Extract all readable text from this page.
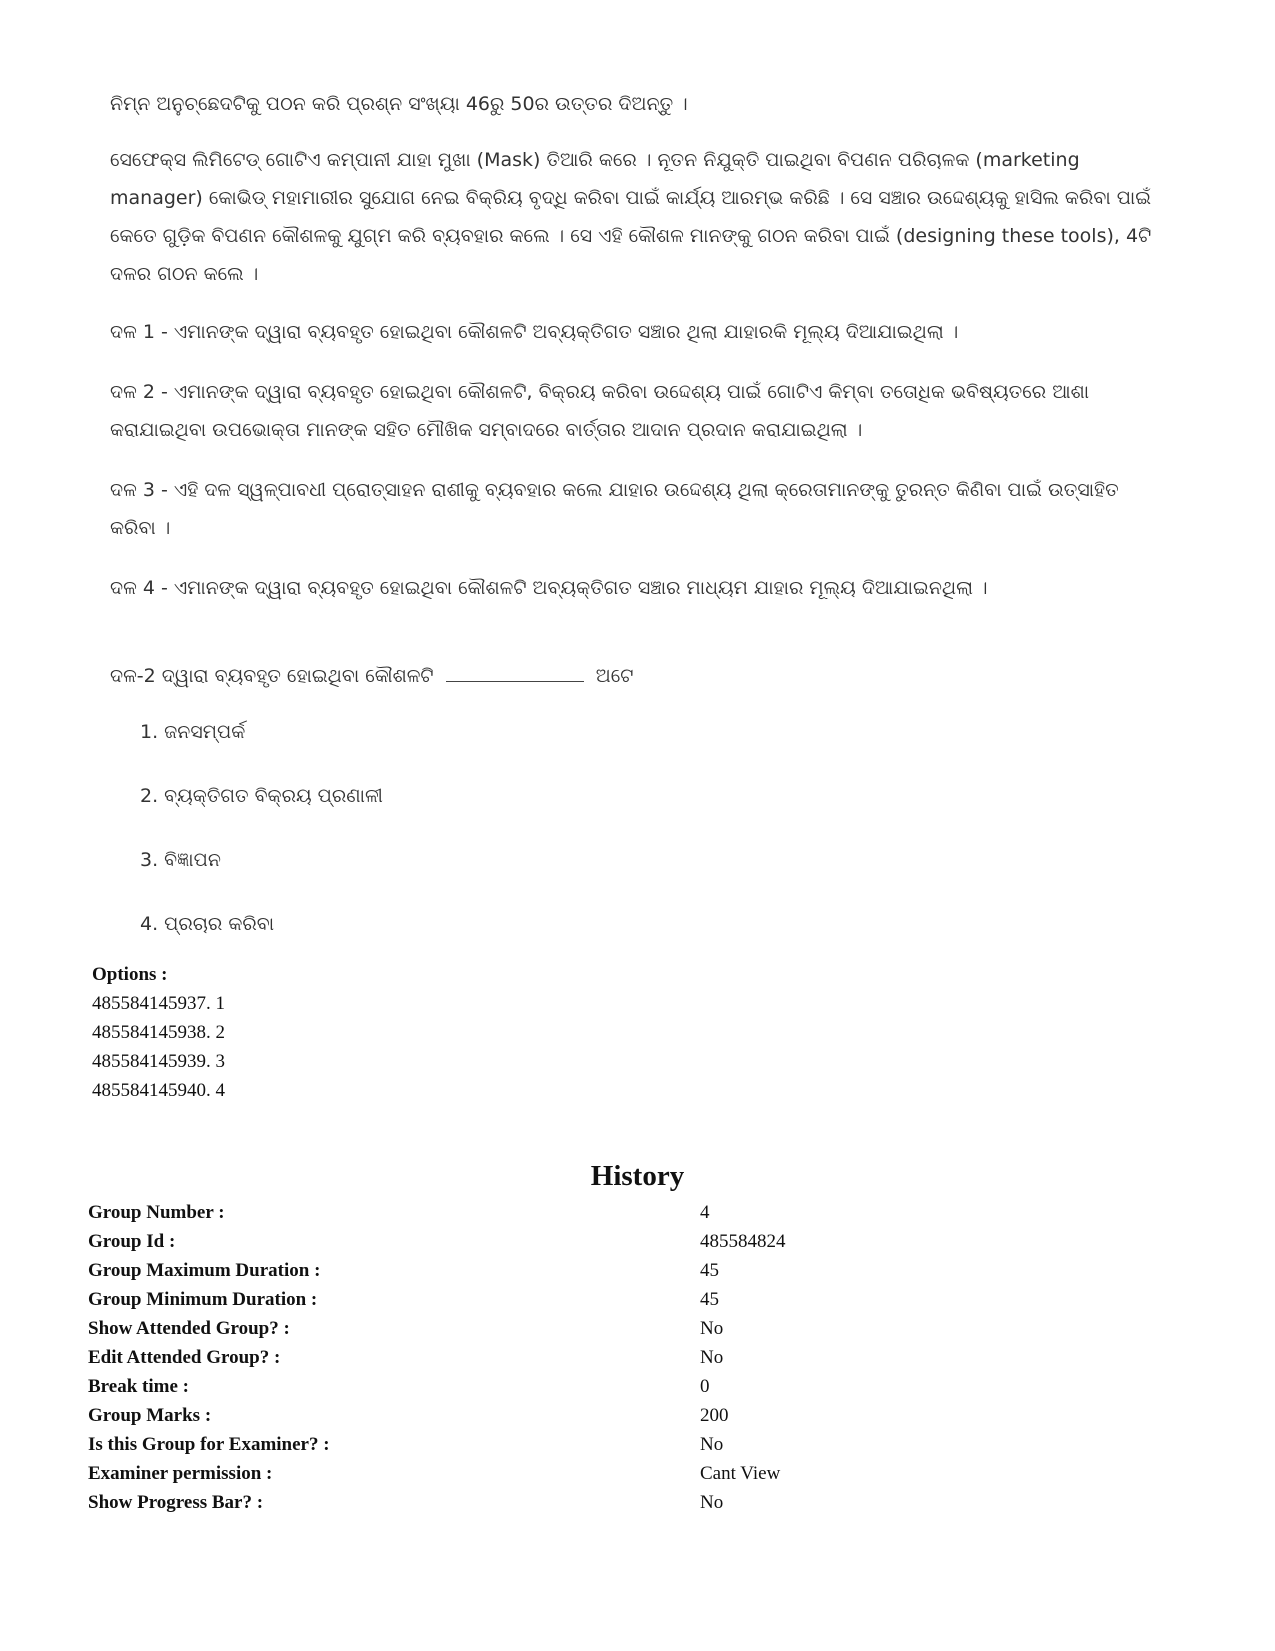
ନିମ୍ନ ଅନୁଚ୍ଛେଦଟିକୁ ପଠନ କରି ପ୍ରଶ୍ନ ସଂଖ୍ୟା 46ରୁ 50ର ଉତ୍ତର ଦିଅନ୍ତୁ ।

ସେଫେକ୍ସ ଲିମିଟେଡ୍ ଗୋଟିଏ କମ୍ପାନୀ ଯାହା ମୁଖା (Mask) ତିଆରି କରେ । ନୂତନ ନିଯୁକ୍ତି ପାଇଥିବା ବିପଣନ ପରିଚାଳକ (marketing manager) କୋଭିଡ୍ ମହାମାରୀର ସୁଯୋଗ ନେଇ ବିକ୍ରିୟ ବୃଦ୍ଧି କରିବା ପାଇଁ କାର୍ଯ୍ୟ ଆରମ୍ଭ କରିଛି । ସେ ସଞ୍ଚାର ଉଦ୍ଦେଶ୍ୟକୁ ହାସିଲ କରିବା ପାଇଁ କେତେ ଗୁଡ଼ିକ ବିପଣନ କୌଶଳକୁ ଯୁଗ୍ମ କରି ବ୍ୟବହାର କଲେ । ସେ ଏହି କୌଶଳ ମାନଙ୍କୁ ଗଠନ କରିବା ପାଇଁ (designing these tools), 4ଟି ଦଳର ଗଠନ କଲେ ।

ଦଳ 1 - ଏମାନଙ୍କ ଦ୍ୱାରା ବ୍ୟବହୃତ ହୋଇଥିବା କୌଶଳଟି ଅବ୍ୟକ୍ତିଗତ ସଞ୍ଚାର ଥିଲା ଯାହାରକି ମୂଲ୍ୟ ଦିଆଯାଇଥିଲା ।

ଦଳ 2 - ଏମାନଙ୍କ ଦ୍ୱାରା ବ୍ୟବହୃତ ହୋଇଥିବା କୌଶଳଟି, ବିକ୍ରୟ କରିବା ଉଦ୍ଦେଶ୍ୟ ପାଇଁ ଗୋଟିଏ କିମ୍ବା ତତୋଧିକ ଭବିଷ୍ୟତରେ ଆଶା କରାଯାଇଥିବା ଉପଭୋକ୍ତା ମାନଙ୍କ ସହିତ ମୌଖିକ ସମ୍ବାଦରେ ବାର୍ତ୍ତାର ଆଦାନ ପ୍ରଦାନ କରାଯାଇଥିଲା ।

ଦଳ 3 - ଏହି ଦଳ ସ୍ୱଳ୍ପାବଧୀ ପ୍ରୋତ୍ସାହନ ରାଶୀକୁ ବ୍ୟବହାର କଲେ ଯାହାର ଉଦ୍ଦେଶ୍ୟ ଥିଲା କ୍ରେତାମାନଙ୍କୁ ତୁରନ୍ତ କିଣିବା ପାଇଁ ଉତ୍ସାହିତ କରିବା ।

ଦଳ 4 - ଏମାନଙ୍କ ଦ୍ୱାରା ବ୍ୟବହୃତ ହୋଇଥିବା କୌଶଳଟି ଅବ୍ୟକ୍ତିଗତ ସଞ୍ଚାର ମାଧ୍ୟମ ଯାହାର ମୂଲ୍ୟ ଦିଆଯାଇନଥିଲା ।

ଦଳ-2 ଦ୍ୱାରା ବ୍ୟବହୃତ ହୋଇଥିବା କୌଶଳଟି	ଅଟେ

1. ଜନସମ୍ପର୍କ
2. ବ୍ୟକ୍ତିଗତ ବିକ୍ରୟ ପ୍ରଣାଳୀ
3. ବିଜ୍ଞାପନ
4. ପ୍ରଚାର କରିବା
Options :
485584145937. 1
485584145938. 2
485584145939. 3
485584145940. 4
History
Group Number :	4
Group Id :	485584824
Group Maximum Duration :	45
Group Minimum Duration :	45
Show Attended Group? :	No
Edit Attended Group? :	No
Break time :	0
Group Marks :	200
Is this Group for Examiner? :	No
Examiner permission :	Cant View
Show Progress Bar? :	No
